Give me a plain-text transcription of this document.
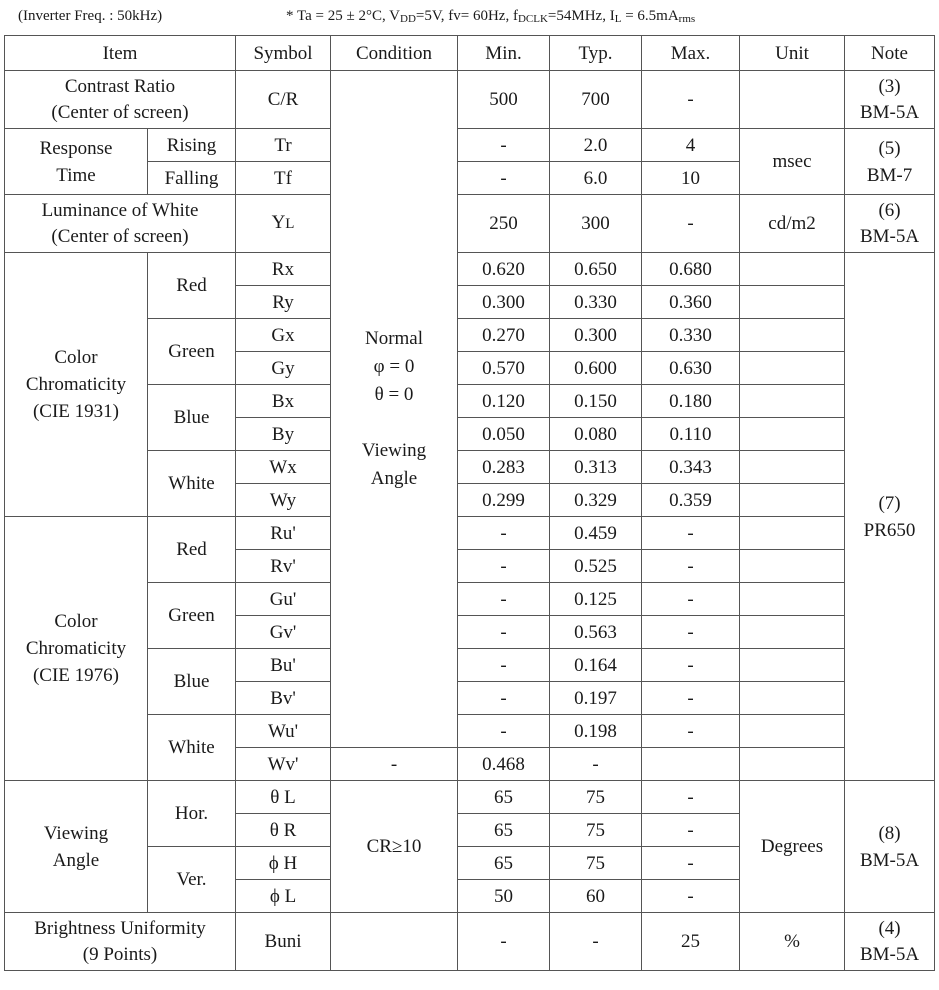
(Inverter Freq. : 50kHz)	* Ta = 25 ± 2°C, $V_{DD}=5V$, fv= 60Hz, $f_{DCLK}=54MHz$, $I_L = 6.5mA_{rms}$
Item		Symbol	Condition	Min.	Typ.	Max.	Unit	Note
Contrast Ratio
(Center of screen)		C/R	Normal
φ = 0
θ = 0

Viewing
Angle	500	700	-		(3)
BM-5A
Response
Time	Rising	Tr		-	2.0	4	msec	(5)
BM-7
	Falling	Tf		-	6.0	10		
Luminance of White
(Center of screen)		YL		250	300	-	cd/m2	(6)
BM-5A
Color
Chromaticity
(CIE 1931)	Red	Rx		0.620	0.650	0.680		(7)
PR650
		Ry		0.300	0.330	0.360		
	Green	Gx		0.270	0.300	0.330		
		Gy		0.570	0.600	0.630		
	Blue	Bx		0.120	0.150	0.180		
		By		0.050	0.080	0.110		
	White	Wx		0.283	0.313	0.343		
		Wy		0.299	0.329	0.359		
Color
Chromaticity
(CIE 1976)	Red	Ru'		-	0.459	-		
		Rv'		-	0.525	-		
	Green	Gu'		-	0.125	-		
		Gv'		-	0.563	-		
	Blue	Bu'		-	0.164	-		
		Bv'		-	0.197	-		
	White	Wu'		-	0.198	-		
		Wv'	-	0.468	-			
Viewing
Angle	Hor.	θ L	CR≥10	65	75	-	Degrees	(8)
BM-5A
		θ R		65	75	-		
	Ver.	ϕ H		65	75	-		
		ϕ L		50	60	-		
Brightness Uniformity
(9 Points)		Buni		-	-	25	%	(4)
BM-5A
